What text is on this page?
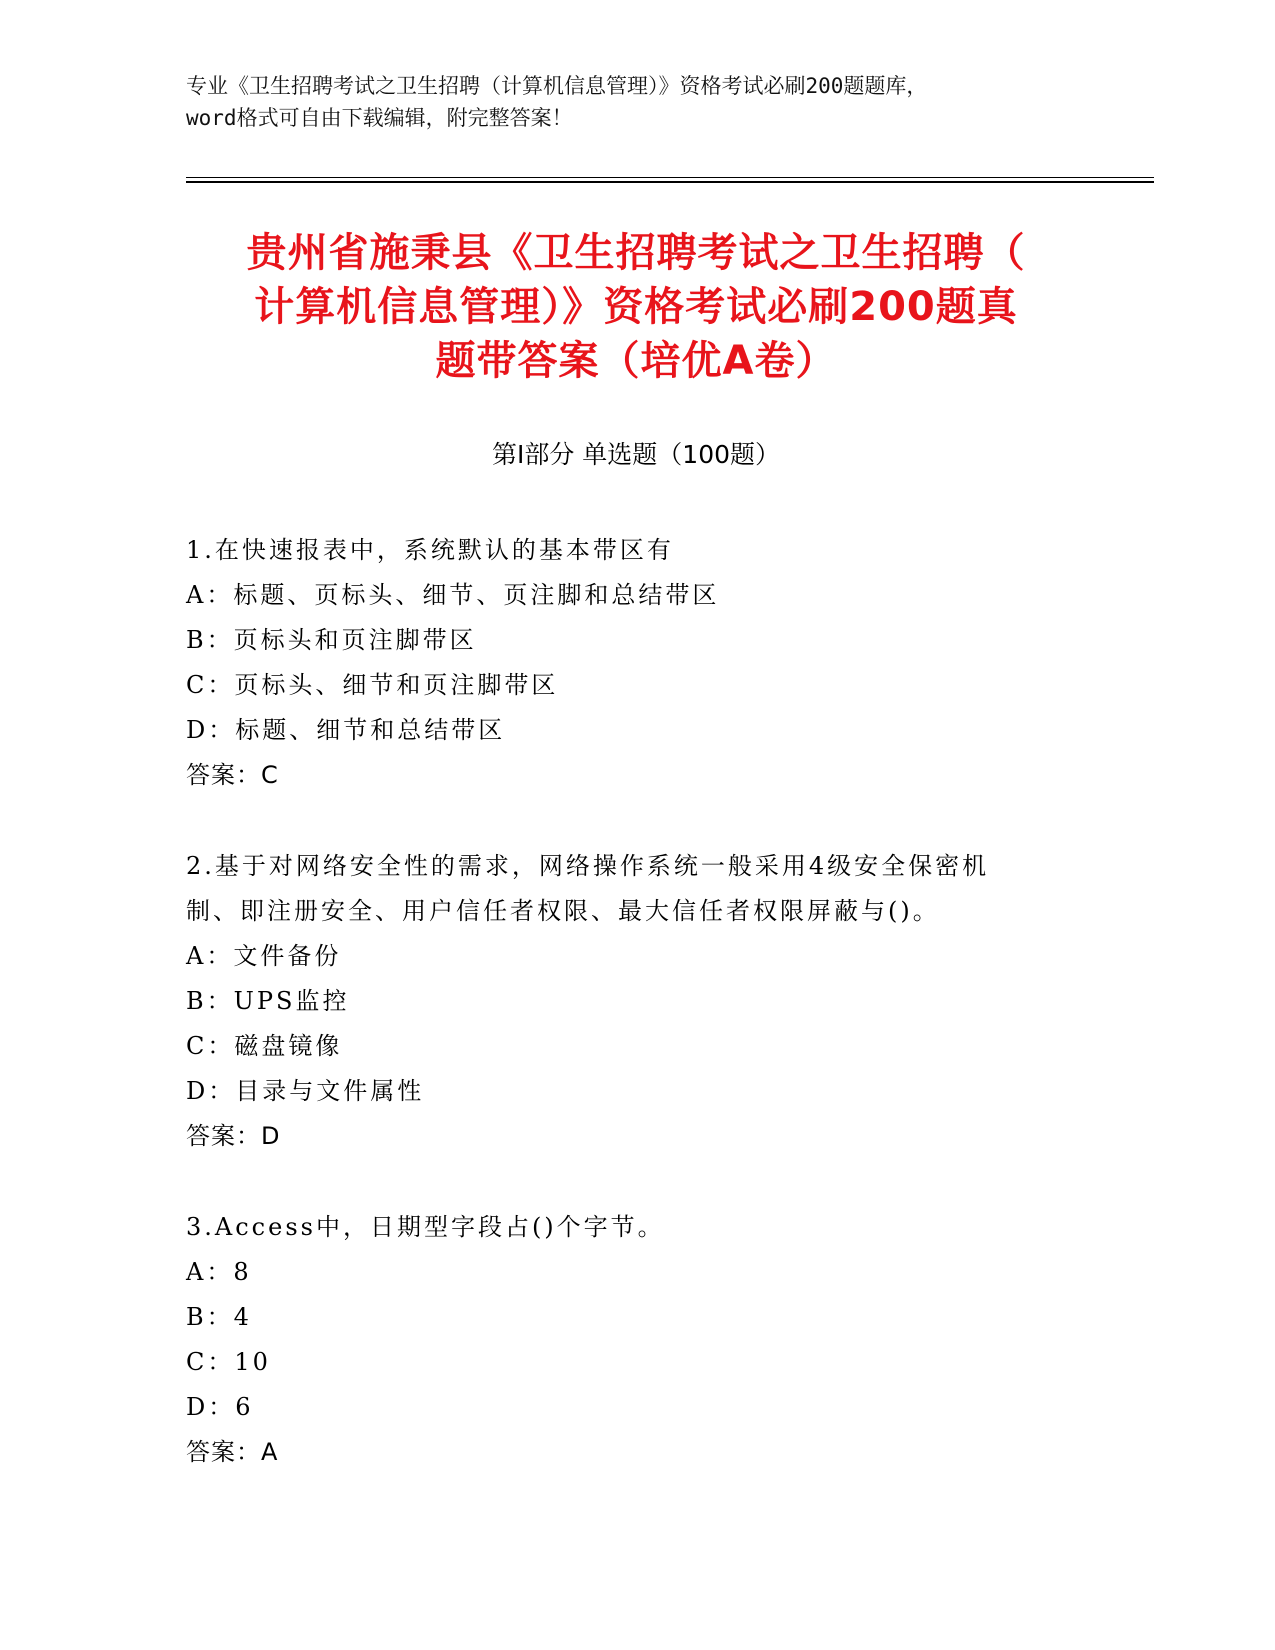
专业《卫生招聘考试之卫生招聘（计算机信息管理）》资格考试必刷200题题库，
word格式可自由下载编辑，附完整答案！
贵州省施秉县《卫生招聘考试之卫生招聘（
计算机信息管理）》资格考试必刷200题真
题带答案（培优A卷）
第I部分 单选题（100题）
1.在快速报表中，系统默认的基本带区有
A：标题、页标头、细节、页注脚和总结带区
B：页标头和页注脚带区
C：页标头、细节和页注脚带区
D：标题、细节和总结带区
答案：C
2.基于对网络安全性的需求，网络操作系统一般采用4级安全保密机
制、即注册安全、用户信任者权限、最大信任者权限屏蔽与()。
A：文件备份
B：UPS监控
C：磁盘镜像
D：目录与文件属性
答案：D
3.Access中，日期型字段占()个字节。
A：8
B：4
C：10
D：6
答案：A
